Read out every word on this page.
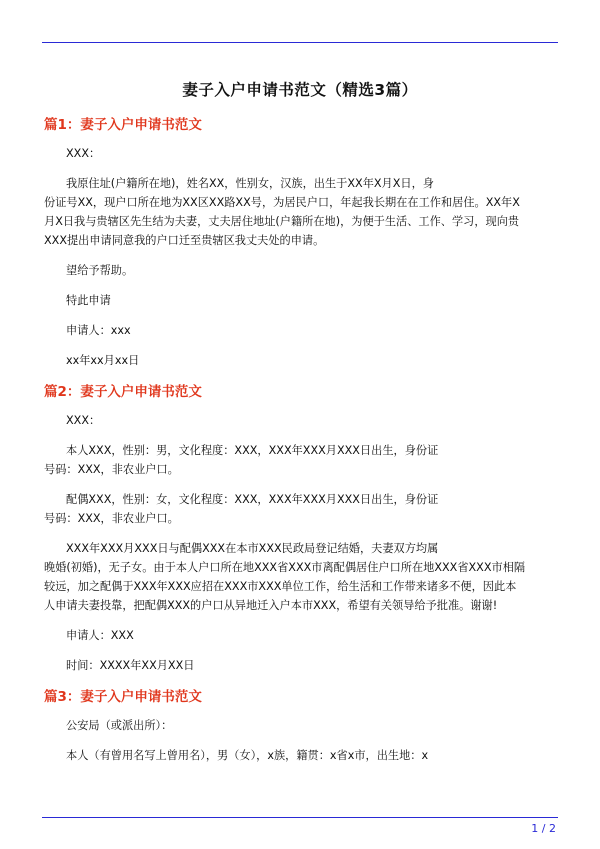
妻子入户申请书范文（精选3篇）
篇1：妻子入户申请书范文

XXX：

我原住址(户籍所在地)，姓名XX，性别女，汉族，出生于XX年X月X日，身
份证号XX，现户口所在地为XX区XX路XX号，为居民户口，年起我长期在在工作和居住。XX年X
月X日我与贵辖区先生结为夫妻，丈夫居住地址(户籍所在地)，为便于生活、工作、学习，现向贵
XXX提出申请同意我的户口迁至贵辖区我丈夫处的申请。

望给予帮助。

特此申请

申请人：xxx

xx年xx月xx日

篇2：妻子入户申请书范文

XXX：

本人XXX，性别：男，文化程度：XXX，XXX年XXX月XXX日出生，身份证
号码：XXX，非农业户口。

配偶XXX，性别：女，文化程度：XXX，XXX年XXX月XXX日出生，身份证
号码：XXX，非农业户口。

XXX年XXX月XXX日与配偶XXX在本市XXX民政局登记结婚，夫妻双方均属
晚婚(初婚)，无子女。由于本人户口所在地XXX省XXX市离配偶居住户口所在地XXX省XXX市相隔
较远，加之配偶于XXX年XXX应招在XXX市XXX单位工作，给生活和工作带来诸多不便，因此本
人申请夫妻投靠，把配偶XXX的户口从异地迁入户本市XXX，希望有关领导给予批准。谢谢!

申请人：XXX

时间：XXXX年XX月XX日

篇3：妻子入户申请书范文

公安局（或派出所）：

本人（有曾用名写上曾用名），男（女），x族，籍贯：x省x市，出生地：x

1 / 2
